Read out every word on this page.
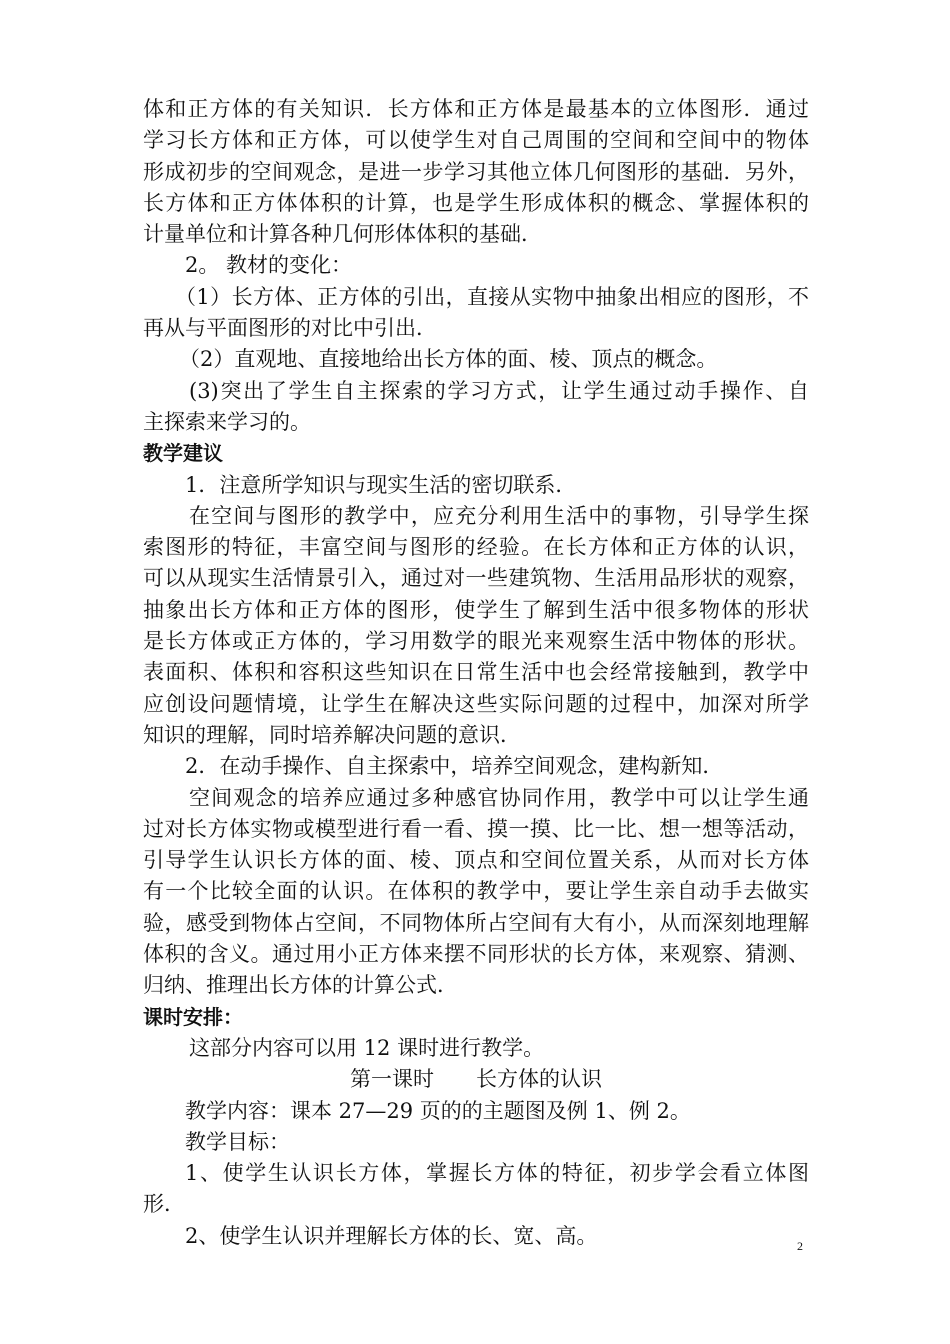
体和正方体的有关知识．长方体和正方体是最基本的立体图形．通过
学习长方体和正方体，可以使学生对自己周围的空间和空间中的物体
形成初步的空间观念，是进一步学习其他立体几何图形的基础．另外，
长方体和正方体体积的计算，也是学生形成体积的概念、掌握体积的
计量单位和计算各种几何形体体积的基础．
2。 教材的变化：
（1）长方体、正方体的引出，直接从实物中抽象出相应的图形，不
再从与平面图形的对比中引出．
（2）直观地、直接地给出长方体的面、棱、顶点的概念。
(3)突出了学生自主探索的学习方式，让学生通过动手操作、自
主探索来学习的。
教学建议
1．注意所学知识与现实生活的密切联系．
在空间与图形的教学中，应充分利用生活中的事物，引导学生探
索图形的特征，丰富空间与图形的经验。在长方体和正方体的认识，
可以从现实生活情景引入，通过对一些建筑物、生活用品形状的观察，
抽象出长方体和正方体的图形，使学生了解到生活中很多物体的形状
是长方体或正方体的，学习用数学的眼光来观察生活中物体的形状。
表面积、体积和容积这些知识在日常生活中也会经常接触到，教学中
应创设问题情境，让学生在解决这些实际问题的过程中，加深对所学
知识的理解，同时培养解决问题的意识．
2．在动手操作、自主探索中，培养空间观念，建构新知．
空间观念的培养应通过多种感官协同作用，教学中可以让学生通
过对长方体实物或模型进行看一看、摸一摸、比一比、想一想等活动，
引导学生认识长方体的面、棱、顶点和空间位置关系，从而对长方体
有一个比较全面的认识。在体积的教学中，要让学生亲自动手去做实
验，感受到物体占空间，不同物体所占空间有大有小，从而深刻地理解
体积的含义。通过用小正方体来摆不同形状的长方体，来观察、猜测、
归纳、推理出长方体的计算公式．
课时安排：
这部分内容可以用 12 课时进行教学。
第一课时　　长方体的认识
教学内容：课本 27—29 页的的主题图及例 1、例 2。
教学目标：
1、使学生认识长方体，掌握长方体的特征，初步学会看立体图
形．
2、使学生认识并理解长方体的长、宽、高。	2
